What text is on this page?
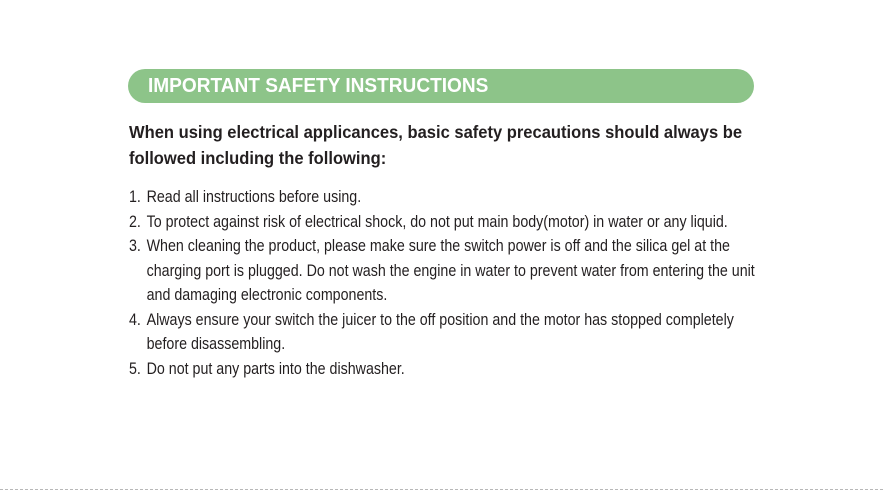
IMPORTANT SAFETY INSTRUCTIONS
When using electrical applicances, basic safety precautions should always be
followed including the following:
1. Read all instructions before using.
2. To protect against risk of electrical shock, do not put main body(motor) in water or any liquid.
3. When cleaning the product, please make sure the switch power is off and the silica gel at the charging port is plugged. Do not wash the engine in water to prevent water from entering the unit and damaging electronic components.
4. Always ensure your switch the juicer to the off position and the motor has stopped completely before disassembling.
5. Do not put any parts into the dishwasher.
